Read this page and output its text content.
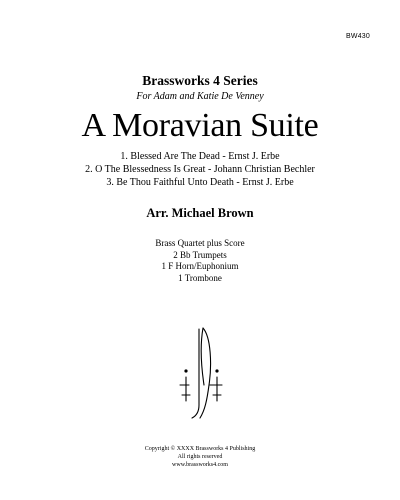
BW430
Brassworks 4 Series
For Adam and Katie De Venney
A Moravian Suite
1. Blessed Are The Dead - Ernst J. Erbe
2. O The Blessedness Is Great - Johann Christian Bechler
3. Be Thou Faithful Unto Death - Ernst J. Erbe
Arr. Michael Brown
Brass Quartet plus Score
2 Bb Trumpets
1 F Horn/Euphonium
1 Trombone
Copyright © XXXX Brassworks 4 Publishing
All rights reserved
www.brassworks4.com
